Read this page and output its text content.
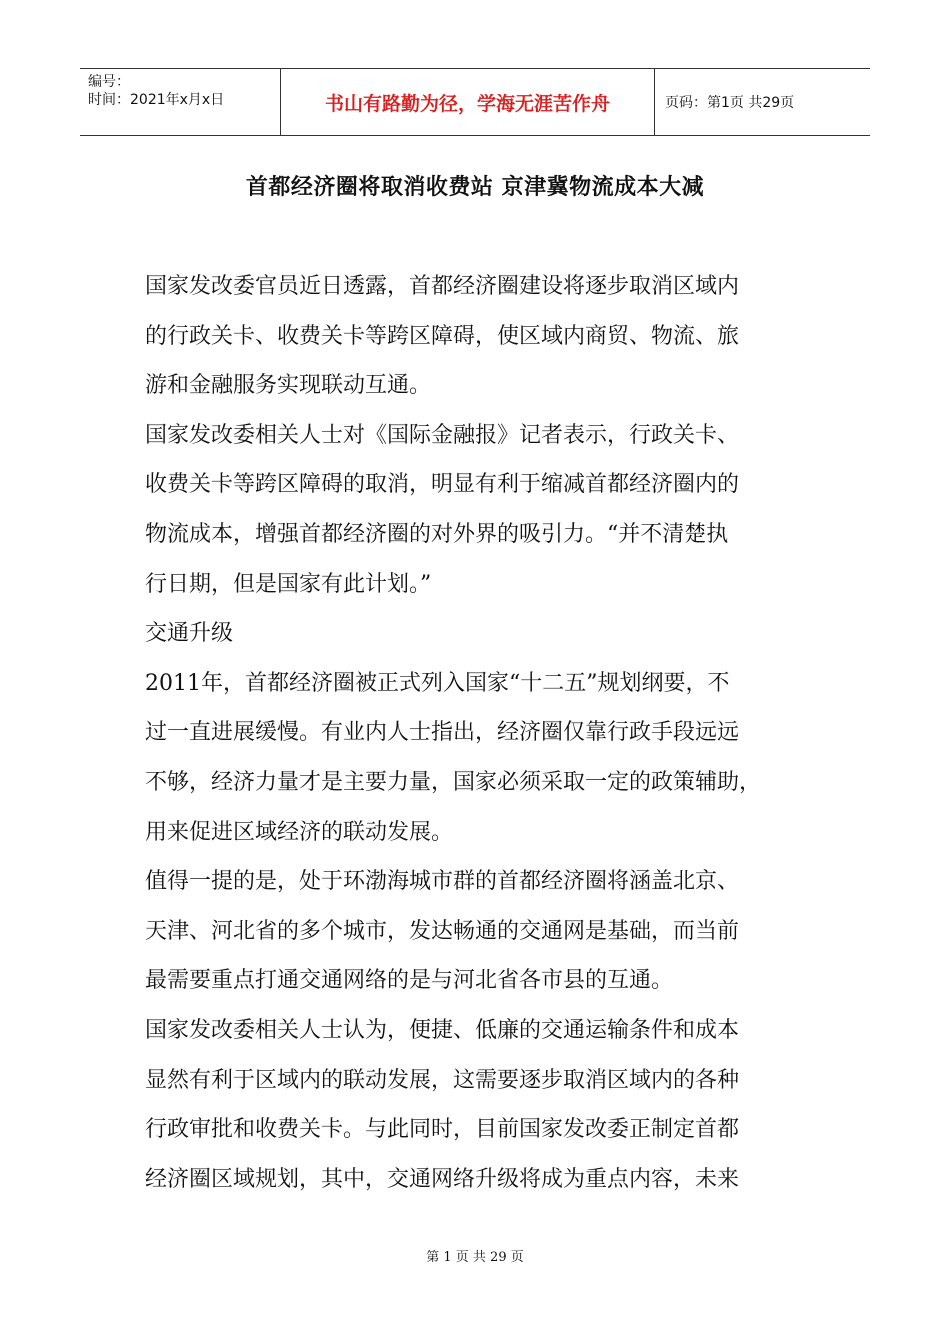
编号：
时间：2021年x月x日	书山有路勤为径，学海无涯苦作舟	页码：第1页 共29页
首都经济圈将取消收费站 京津冀物流成本大减

国家发改委官员近日透露，首都经济圈建设将逐步取消区域内

的行政关卡、收费关卡等跨区障碍，使区域内商贸、物流、旅

游和金融服务实现联动互通。

国家发改委相关人士对《国际金融报》记者表示，行政关卡、

收费关卡等跨区障碍的取消，明显有利于缩减首都经济圈内的

物流成本，增强首都经济圈的对外界的吸引力。“并不清楚执

行日期，但是国家有此计划。”

交通升级

2011年，首都经济圈被正式列入国家“十二五”规划纲要，不

过一直进展缓慢。有业内人士指出，经济圈仅靠行政手段远远

不够，经济力量才是主要力量，国家必须采取一定的政策辅助，

用来促进区域经济的联动发展。

值得一提的是，处于环渤海城市群的首都经济圈将涵盖北京、

天津、河北省的多个城市，发达畅通的交通网是基础，而当前

最需要重点打通交通网络的是与河北省各市县的互通。

国家发改委相关人士认为，便捷、低廉的交通运输条件和成本

显然有利于区域内的联动发展，这需要逐步取消区域内的各种

行政审批和收费关卡。与此同时，目前国家发改委正制定首都

经济圈区域规划，其中，交通网络升级将成为重点内容，未来

第 1 页 共 29 页
